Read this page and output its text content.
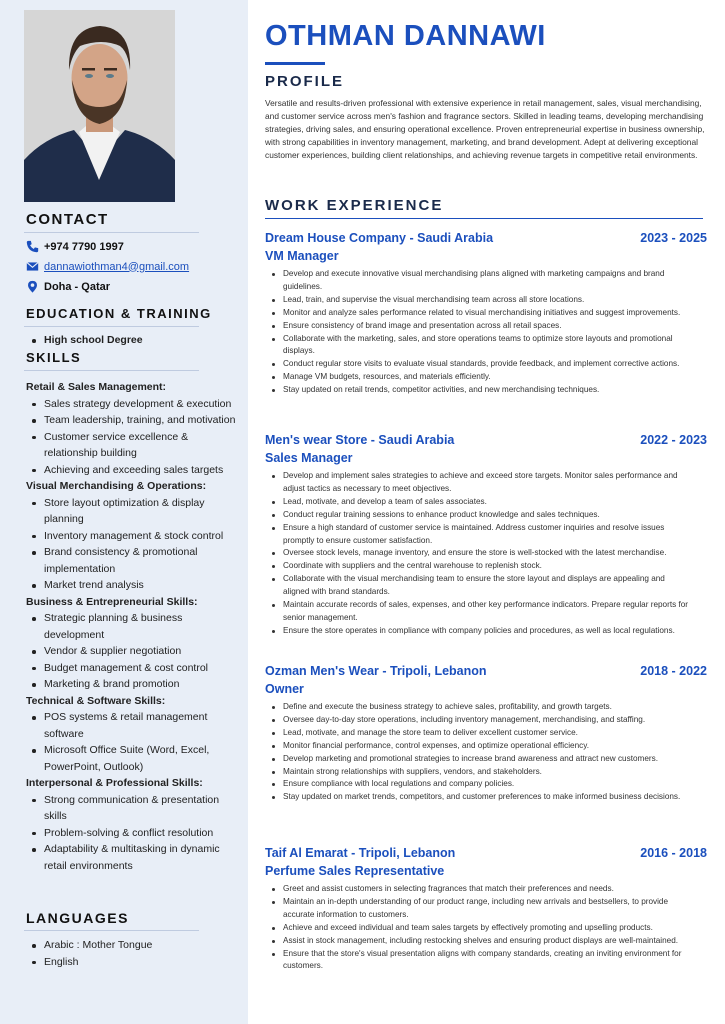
CONTACT
+974 7790 1997
dannawiothman4@gmail.com
Doha - Qatar
EDUCATION & TRAINING
High school Degree
SKILLS
Retail & Sales Management:
Sales strategy development & execution
Team leadership, training, and motivation
Customer service excellence & relationship building
Achieving and exceeding sales targets
Visual Merchandising & Operations:
Store layout optimization & display planning
Inventory management & stock control
Brand consistency & promotional implementation
Market trend analysis
Business & Entrepreneurial Skills:
Strategic planning & business development
Vendor & supplier negotiation
Budget management & cost control
Marketing & brand promotion
Technical & Software Skills:
POS systems & retail management software
Microsoft Office Suite (Word, Excel, PowerPoint, Outlook)
Interpersonal & Professional Skills:
Strong communication & presentation skills
Problem-solving & conflict resolution
Adaptability & multitasking in dynamic retail environments
LANGUAGES
Arabic : Mother Tongue
English
OTHMAN DANNAWI
PROFILE
Versatile and results-driven professional with extensive experience in retail management, sales, visual merchandising, and customer service across men's fashion and fragrance sectors. Skilled in leading teams, developing merchandising strategies, driving sales, and ensuring operational excellence. Proven entrepreneurial expertise in business ownership, with strong capabilities in inventory management, marketing, and brand development. Adept at delivering exceptional customer experiences, building client relationships, and achieving revenue targets in competitive retail environments.
WORK EXPERIENCE
Dream House Company - Saudi Arabia	2023 - 2025
VM Manager
Develop and execute innovative visual merchandising plans aligned with marketing campaigns and brand guidelines.
Lead, train, and supervise the visual merchandising team across all store locations.
Monitor and analyze sales performance related to visual merchandising initiatives and suggest improvements.
Ensure consistency of brand image and presentation across all retail spaces.
Collaborate with the marketing, sales, and store operations teams to optimize store layouts and promotional displays.
Conduct regular store visits to evaluate visual standards, provide feedback, and implement corrective actions.
Manage VM budgets, resources, and materials efficiently.
Stay updated on retail trends, competitor activities, and new merchandising techniques.
Men's wear Store - Saudi Arabia	2022 - 2023
Sales Manager
Develop and implement sales strategies to achieve and exceed store targets. Monitor sales performance and adjust tactics as necessary to meet objectives.
Lead, motivate, and develop a team of sales associates.
Conduct regular training sessions to enhance product knowledge and sales techniques.
Ensure a high standard of customer service is maintained. Address customer inquiries and resolve issues promptly to ensure customer satisfaction.
Oversee stock levels, manage inventory, and ensure the store is well-stocked with the latest merchandise.
Coordinate with suppliers and the central warehouse to replenish stock.
Collaborate with the visual merchandising team to ensure the store layout and displays are appealing and aligned with brand standards.
Maintain accurate records of sales, expenses, and other key performance indicators. Prepare regular reports for senior management.
Ensure the store operates in compliance with company policies and procedures, as well as local regulations.
Ozman Men's Wear - Tripoli, Lebanon	2018 - 2022
Owner
Define and execute the business strategy to achieve sales, profitability, and growth targets.
Oversee day-to-day store operations, including inventory management, merchandising, and staffing.
Lead, motivate, and manage the store team to deliver excellent customer service.
Monitor financial performance, control expenses, and optimize operational efficiency.
Develop marketing and promotional strategies to increase brand awareness and attract new customers.
Maintain strong relationships with suppliers, vendors, and stakeholders.
Ensure compliance with local regulations and company policies.
Stay updated on market trends, competitors, and customer preferences to make informed business decisions.
Taif Al Emarat - Tripoli, Lebanon	2016 - 2018
Perfume Sales Representative
Greet and assist customers in selecting fragrances that match their preferences and needs.
Maintain an in-depth understanding of our product range, including new arrivals and bestsellers, to provide accurate information to customers.
Achieve and exceed individual and team sales targets by effectively promoting and upselling products.
Assist in stock management, including restocking shelves and ensuring product displays are well-maintained.
Ensure that the store's visual presentation aligns with company standards, creating an inviting environment for customers.
